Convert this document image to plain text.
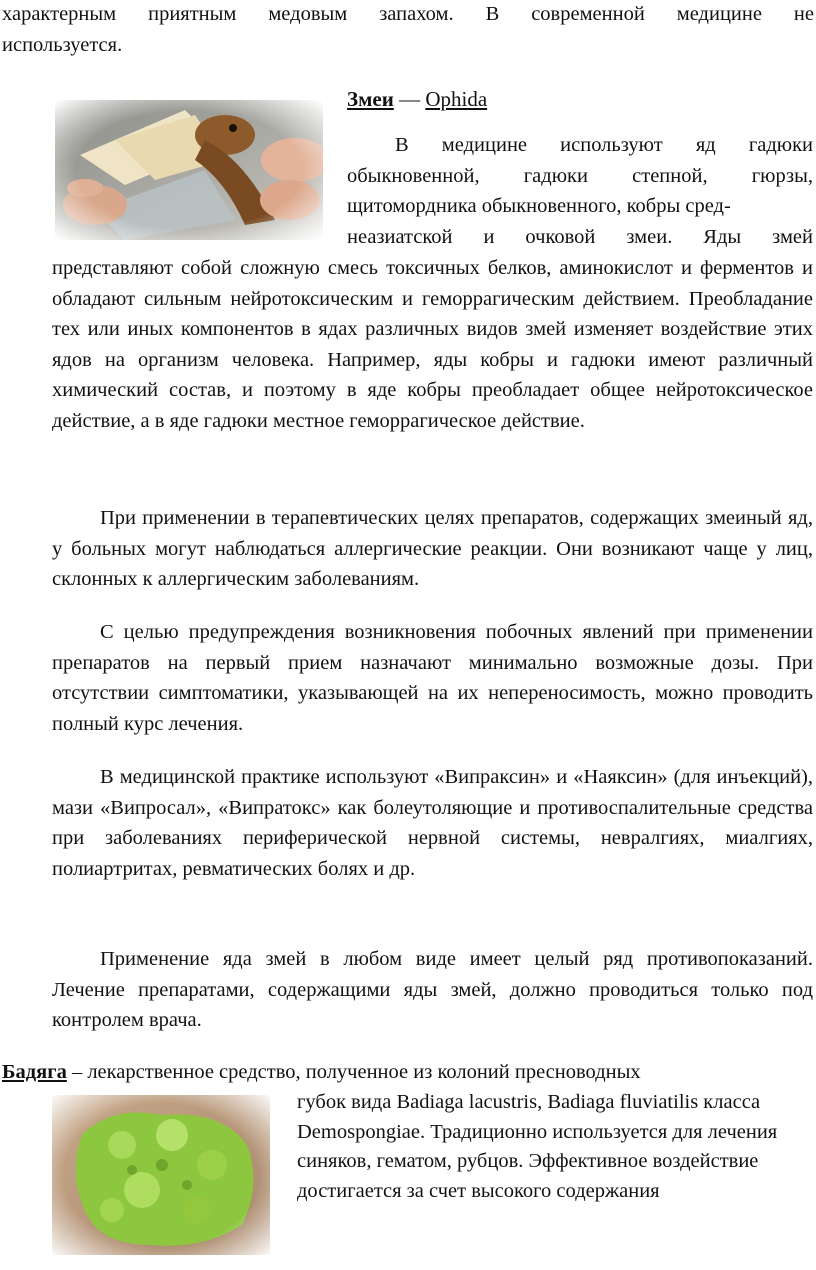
характерным приятным медовым запахом. В современной медицине не

используется.

Змеи — Ophida

В медицине используют яд гадюки обыкновенной, гадюки степной, гюрзы, щитомордника обыкновенного, кобры сред-

неазиатской и очковой змеи. Яды змей

представляют собой сложную смесь токсичных белков, аминокислот и ферментов и обладают сильным нейротоксическим и геморрагическим действием. Преобладание тех или иных компонентов в ядах различных видов змей изменяет воздействие этих ядов на организм человека. Например, яды кобры и гадюки имеют различный химический состав, и поэтому в яде кобры преобладает общее нейротоксическое действие, а в яде гадюки местное геморрагическое действие.

При применении в терапевтических целях препаратов, содержащих змеиный яд, у больных могут наблюдаться аллергические реакции. Они возникают чаще у лиц, склонных к аллергическим заболеваниям.

С целью предупреждения возникновения побочных явлений при применении препаратов на первый прием назначают минимально возможные дозы. При отсутствии симптоматики, указывающей на их непереносимость, можно проводить полный курс лечения.

В медицинской практике используют «Випраксин» и «Наяксин» (для инъекций), мази «Випросал», «Випратокс» как болеутоляющие и противоспалительные средства при заболеваниях периферической нервной системы, невралгиях, миалгиях, полиартритах, ревматических болях и др.

Применение яда змей в любом виде имеет целый ряд противопоказаний. Лечение препаратами, содержащими яды змей, должно проводиться только под контролем врача.

Бадяга – лекарственное средство, полученное из колоний пресноводных

губок вида Badiaga lacustris, Badiaga fluviatilis класса Demospongiae. Традиционно используется для лечения синяков, гематом, рубцов. Эффективное воздействие достигается за счет высокого содержания
